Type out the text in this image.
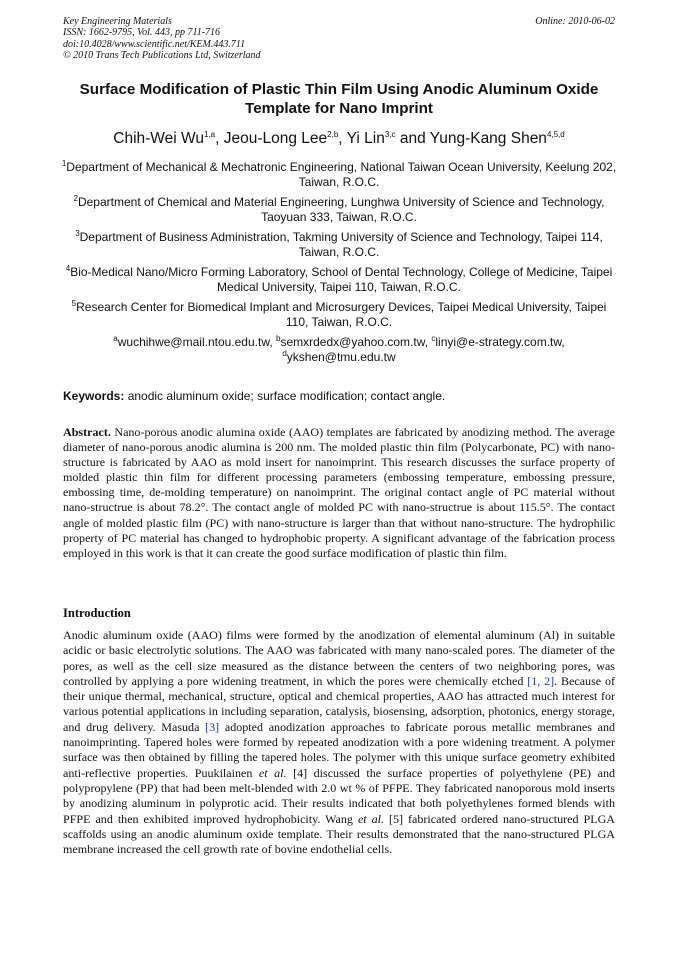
Key Engineering Materials
ISSN: 1662-9795, Vol. 443, pp 711-716
doi:10.4028/www.scientific.net/KEM.443.711
© 2010 Trans Tech Publications Ltd, Switzerland
Online: 2010-06-02
Surface Modification of Plastic Thin Film Using Anodic Aluminum Oxide Template for Nano Imprint
Chih-Wei Wu$^{1,a}$, Jeou-Long Lee$^{2,b}$, Yi Lin$^{3,c}$ and Yung-Kang Shen$^{4,5,d}$
$^1$Department of Mechanical & Mechatronic Engineering, National Taiwan Ocean University, Keelung 202, Taiwan, R.O.C.
$^2$Department of Chemical and Material Engineering, Lunghwa University of Science and Technology, Taoyuan 333, Taiwan, R.O.C.
$^3$Department of Business Administration, Takming University of Science and Technology, Taipei 114, Taiwan, R.O.C.
$^4$Bio-Medical Nano/Micro Forming Laboratory, School of Dental Technology, College of Medicine, Taipei Medical University, Taipei 110, Taiwan, R.O.C.
$^5$Research Center for Biomedical Implant and Microsurgery Devices, Taipei Medical University, Taipei 110, Taiwan, R.O.C.
$^a$wuchihwe@mail.ntou.edu.tw, $^b$semxrdedx@yahoo.com.tw, $^c$linyi@e-strategy.com.tw,
$^d$ykshen@tmu.edu.tw
Keywords: anodic aluminum oxide; surface modification; contact angle.
Abstract. Nano-porous anodic alumina oxide (AAO) templates are fabricated by anodizing method. The average diameter of nano-porous anodic alumina is 200 nm. The molded plastic thin film (Polycarbonate, PC) with nano-structure is fabricated by AAO as mold insert for nanoimprint. This research discusses the surface property of molded plastic thin film for different processing parameters (embossing temperature, embossing pressure, embossing time, de-molding temperature) on nanoimprint. The original contact angle of PC material without nano-structrue is about 78.2°. The contact angle of molded PC with nano-structrue is about 115.5°. The contact angle of molded plastic film (PC) with nano-structure is larger than that without nano-structure. The hydrophilic property of PC material has changed to hydrophobic property. A significant advantage of the fabrication process employed in this work is that it can create the good surface modification of plastic thin film.
Introduction
Anodic aluminum oxide (AAO) films were formed by the anodization of elemental aluminum (Al) in suitable acidic or basic electrolytic solutions. The AAO was fabricated with many nano-scaled pores. The diameter of the pores, as well as the cell size measured as the distance between the centers of two neighboring pores, was controlled by applying a pore widening treatment, in which the pores were chemically etched [1, 2]. Because of their unique thermal, mechanical, structure, optical and chemical properties, AAO has attracted much interest for various potential applications in including separation, catalysis, biosensing, adsorption, photonics, energy storage, and drug delivery. Masuda [3] adopted anodization approaches to fabricate porous metallic membranes and nanoimprinting. Tapered holes were formed by repeated anodization with a pore widening treatment. A polymer surface was then obtained by filling the tapered holes. The polymer with this unique surface geometry exhibited anti-reflective properties. Puukilainen et al. [4] discussed the surface properties of polyethylene (PE) and polypropylene (PP) that had been melt-blended with 2.0 wt % of PFPE. They fabricated nanoporous mold inserts by anodizing aluminum in polyprotic acid. Their results indicated that both polyethylenes formed blends with PFPE and then exhibited improved hydrophobicity. Wang et al. [5] fabricated ordered nano-structured PLGA scaffolds using an anodic aluminum oxide template. Their results demonstrated that the nano-structured PLGA membrane increased the cell growth rate of bovine endothelial cells.
